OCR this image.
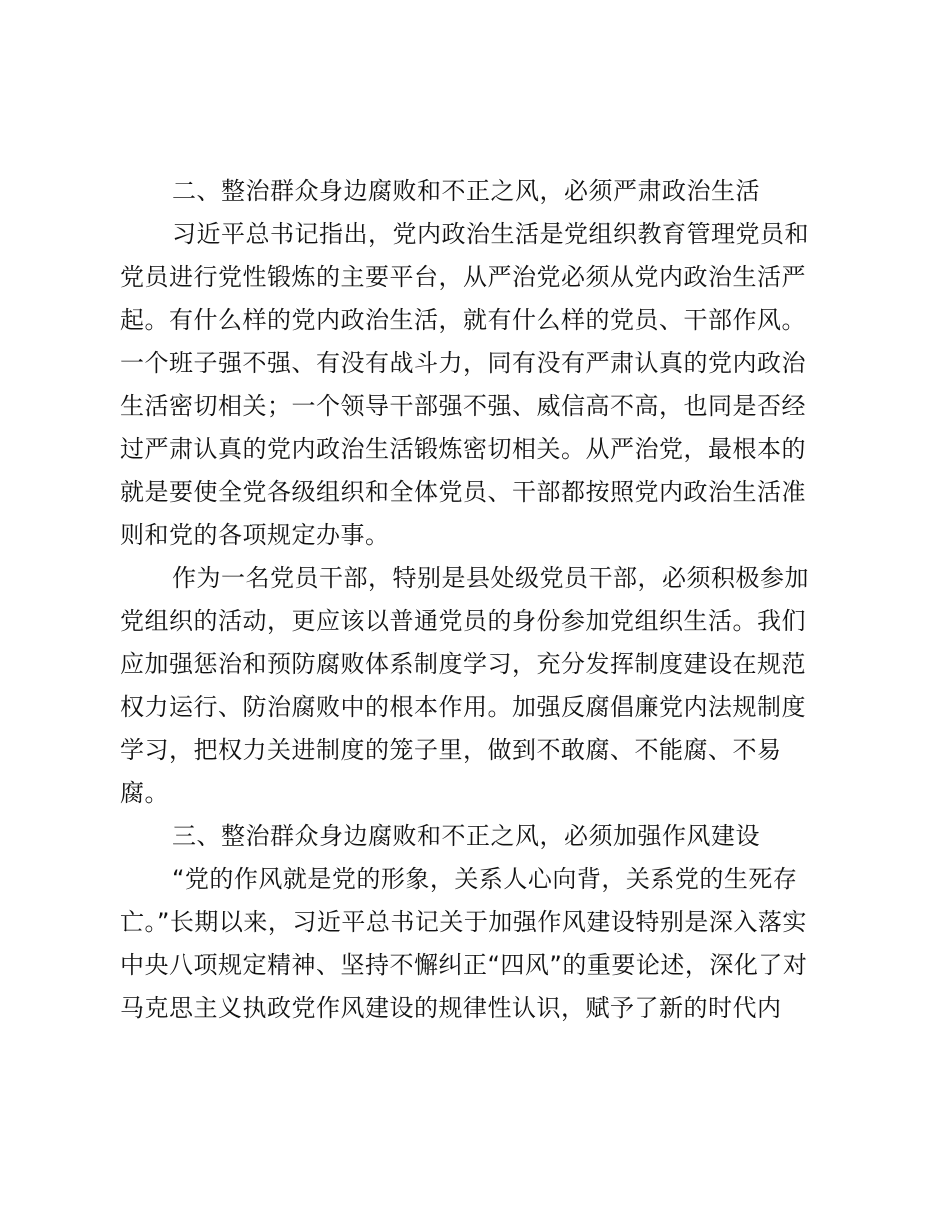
二、整治群众身边腐败和不正之风，必须严肃政治生活

习近平总书记指出，党内政治生活是党组织教育管理党员和
党员进行党性锻炼的主要平台，从严治党必须从党内政治生活严
起。有什么样的党内政治生活，就有什么样的党员、干部作风。
一个班子强不强、有没有战斗力，同有没有严肃认真的党内政治
生活密切相关；一个领导干部强不强、威信高不高，也同是否经
过严肃认真的党内政治生活锻炼密切相关。从严治党，最根本的
就是要使全党各级组织和全体党员、干部都按照党内政治生活准
则和党的各项规定办事。

作为一名党员干部，特别是县处级党员干部，必须积极参加
党组织的活动，更应该以普通党员的身份参加党组织生活。我们
应加强惩治和预防腐败体系制度学习，充分发挥制度建设在规范
权力运行、防治腐败中的根本作用。加强反腐倡廉党内法规制度
学习，把权力关进制度的笼子里，做到不敢腐、不能腐、不易
腐。

三、整治群众身边腐败和不正之风，必须加强作风建设

“党的作风就是党的形象，关系人心向背，关系党的生死存
亡。”长期以来，习近平总书记关于加强作风建设特别是深入落实
中央八项规定精神、坚持不懈纠正“四风”的重要论述，深化了对
马克思主义执政党作风建设的规律性认识，赋予了新的时代内
